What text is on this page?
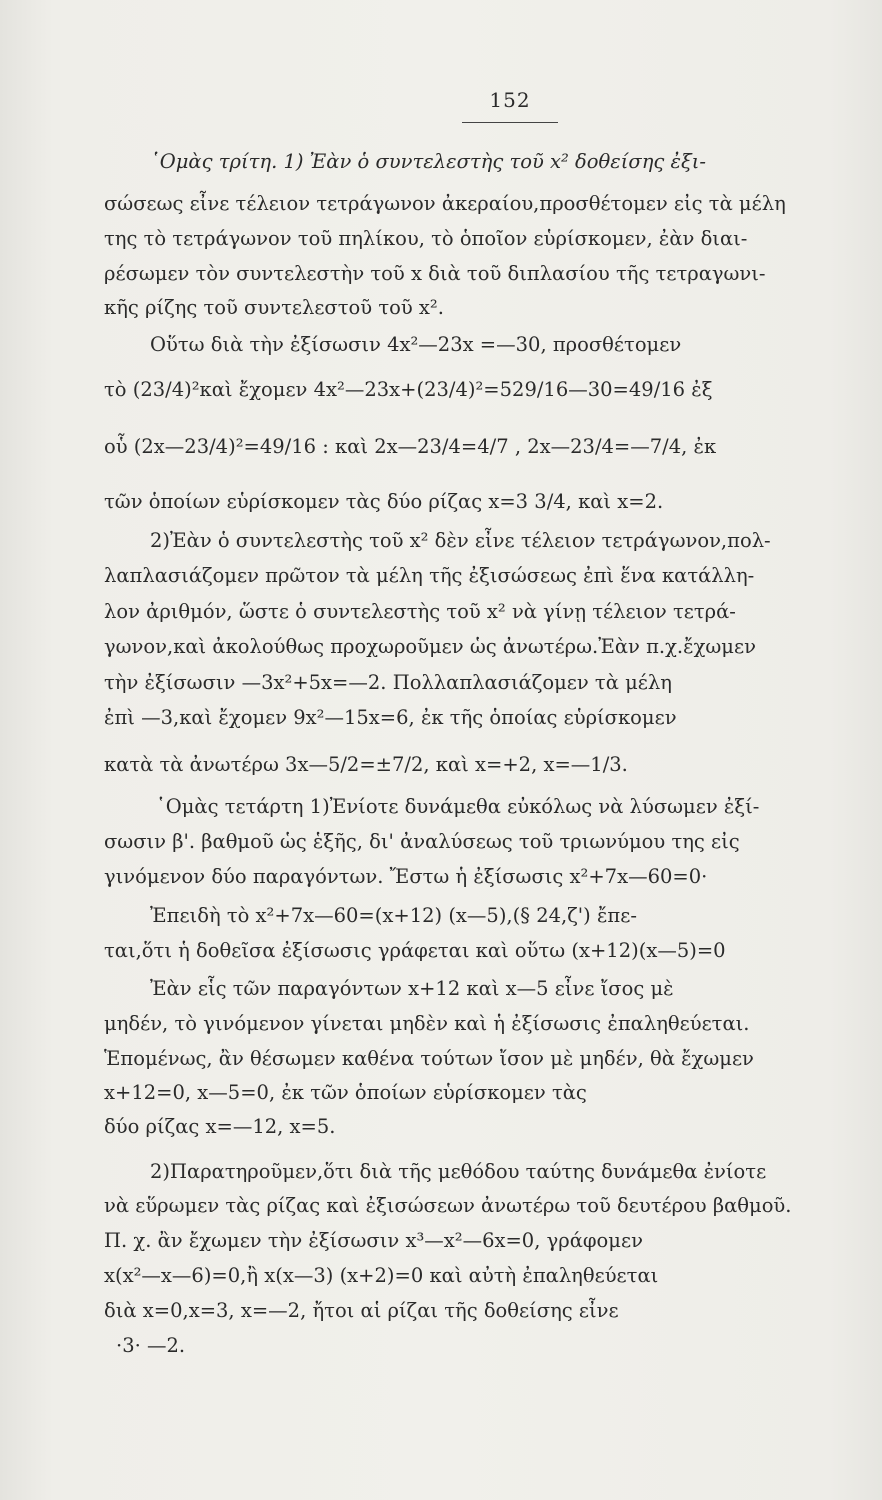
152
῾Ομὰς τρίτη. 1) Ἐὰν ὁ συντελεστὴς τοῦ x² δοθείσης ἐξι-
σώσεως εἶνε τέλειον τετράγωνον ἀκεραίου,προσθέτομεν εἰς τὰ μέλη
της τὸ τετράγωνον τοῦ πηλίκου, τὸ ὁποῖον εὑρίσκομεν, ἐὰν διαι-
ρέσωμεν τὸν συντελεστὴν τοῦ x διὰ τοῦ διπλασίου τῆς τετραγωνι-
κῆς ρίζης τοῦ συντελεστοῦ τοῦ x².
Οὕτω διὰ τὴν ἐξίσωσιν 4x²—23x =—30, προσθέτομεν
τὸ (23/4)²καὶ ἔχομεν 4x²—23x+(23/4)²=529/16—30=49/16 ἐξ
οὗ (2x—23/4)²=49/16 : καὶ 2x—23/4=4/7 , 2x—23/4=—7/4, ἐκ
τῶν ὁποίων εὑρίσκομεν τὰς δύο ρίζας x=3 3/4, καὶ x=2.
2)Ἐὰν ὁ συντελεστὴς τοῦ x² δὲν εἶνε τέλειον τετράγωνον,πολ-
λαπλασιάζομεν πρῶτον τὰ μέλη τῆς ἐξισώσεως ἐπὶ ἕνα κατάλλη-
λον ἀριθμόν, ὥστε ὁ συντελεστὴς τοῦ x² νὰ γίνῃ τέλειον τετρά-
γωνον,καὶ ἀκολούθως προχωροῦμεν ὡς ἀνωτέρω.Ἐὰν π.χ.ἔχωμεν
τὴν ἐξίσωσιν —3x²+5x=—2. Πολλαπλασιάζομεν τὰ μέλη
ἐπὶ —3,καὶ ἔχομεν 9x²—15x=6, ἐκ τῆς ὁποίας εὑρίσκομεν
κατὰ τὰ ἀνωτέρω 3x—5/2=±7/2, καὶ x=+2, x=—1/3.
῾Ομὰς τετάρτη 1)Ἐνίοτε δυνάμεθα εὐκόλως νὰ λύσωμεν ἐξί-
σωσιν β'. βαθμοῦ ὡς ἑξῆς, δι' ἀναλύσεως τοῦ τριωνύμου της εἰς
γινόμενον δύο παραγόντων. Ἔστω ἡ ἐξίσωσις x²+7x—60=0·
Ἐπειδὴ τὸ x²+7x—60=(x+12) (x—5),(§ 24,ζ') ἔπε-
ται,ὅτι ἡ δοθεῖσα ἐξίσωσις γράφεται καὶ οὕτω (x+12)(x—5)=0
Ἐὰν εἷς τῶν παραγόντων x+12 καὶ x—5 εἶνε ἴσος μὲ
μηδέν, τὸ γινόμενον γίνεται μηδὲν καὶ ἡ ἐξίσωσις ἐπαληθεύεται.
Ἑπομένως, ἂν θέσωμεν καθένα τούτων ἴσον μὲ μηδέν, θὰ ἔχωμεν
x+12=0, x—5=0, ἐκ τῶν ὁποίων εὑρίσκομεν τὰς
δύο ρίζας x=—12, x=5.
2)Παρατηροῦμεν,ὅτι διὰ τῆς μεθόδου ταύτης δυνάμεθα ἐνίοτε
νὰ εὕρωμεν τὰς ρίζας καὶ ἐξισώσεων ἀνωτέρω τοῦ δευτέρου βαθμοῦ.
Π. χ. ἂν ἔχωμεν τὴν ἐξίσωσιν x³—x²—6x=0, γράφομεν
x(x²—x—6)=0,ἢ x(x—3) (x+2)=0 καὶ αὐτὴ ἐπαληθεύεται
διὰ x=0,x=3, x=—2, ἤτοι αἱ ρίζαι τῆς δοθείσης εἶνε
·3· —2.
